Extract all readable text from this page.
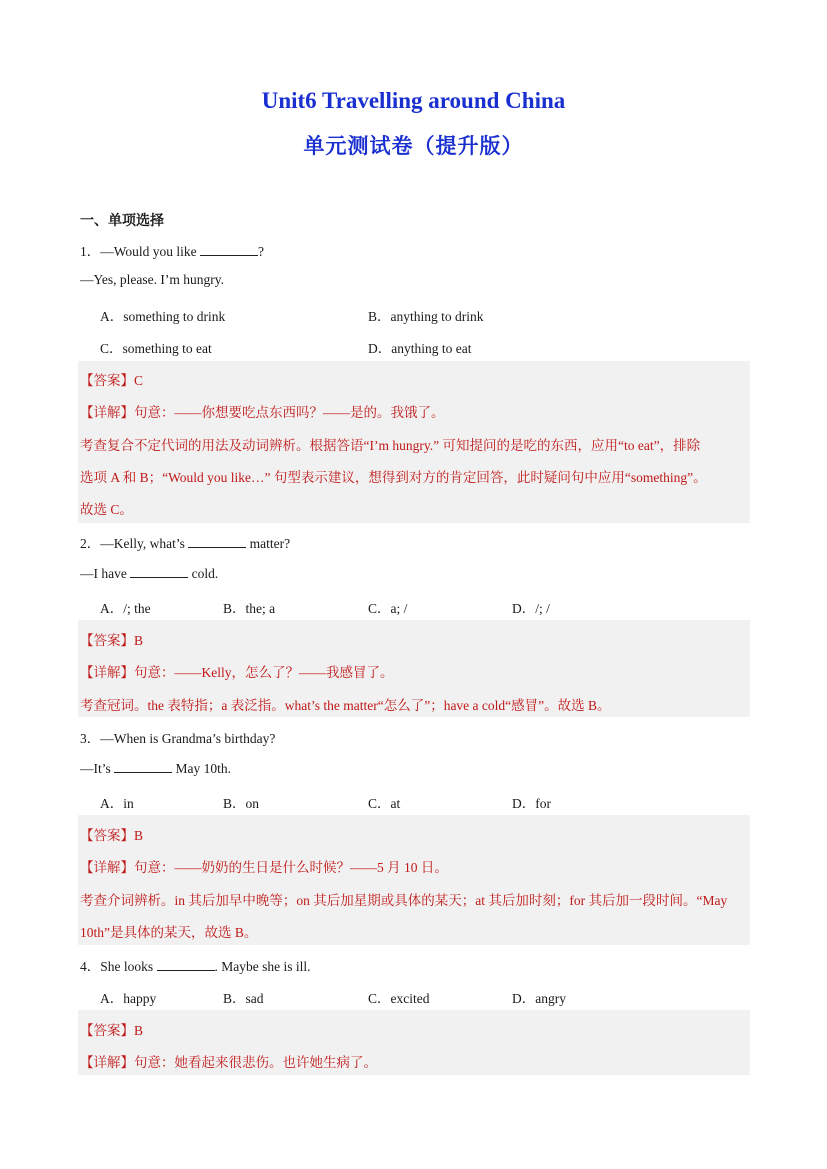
Unit6 Travelling around China
单元测试卷（提升版）
一、单项选择
1．—Would you like	?
—Yes, please. I’m hungry.
A．something to drink	B．anything to drink
C．something to eat	D．anything to eat
【答案】C
【详解】句意：——你想要吃点东西吗？——是的。我饿了。
考查复合不定代词的用法及动词辨析。根据答语“I’m hungry.” 可知提问的是吃的东西，应用“to eat”，排除
选项 A 和 B；“Would you like…” 句型表示建议，想得到对方的肯定回答，此时疑问句中应用“something”。
故选 C。
2．—Kelly, what’s	matter?
—I have	cold.
A．/; the	B．the; a	C．a; /	D．/; /
【答案】B
【详解】句意：——Kelly，怎么了？——我感冒了。
考查冠词。the 表特指；a 表泛指。what’s the matter“怎么了”；have a cold“感冒”。故选 B。
3．—When is Grandma’s birthday?
—It’s	May 10th.
A．in	B．on	C．at	D．for
【答案】B
【详解】句意：——奶奶的生日是什么时候？——5 月 10 日。
考查介词辨析。in 其后加早中晚等；on 其后加星期或具体的某天；at 其后加时刻；for 其后加一段时间。“May
10th”是具体的某天，故选 B。
4．She looks	. Maybe she is ill.
A．happy	B．sad	C．excited	D．angry
【答案】B
【详解】句意：她看起来很悲伤。也许她生病了。
